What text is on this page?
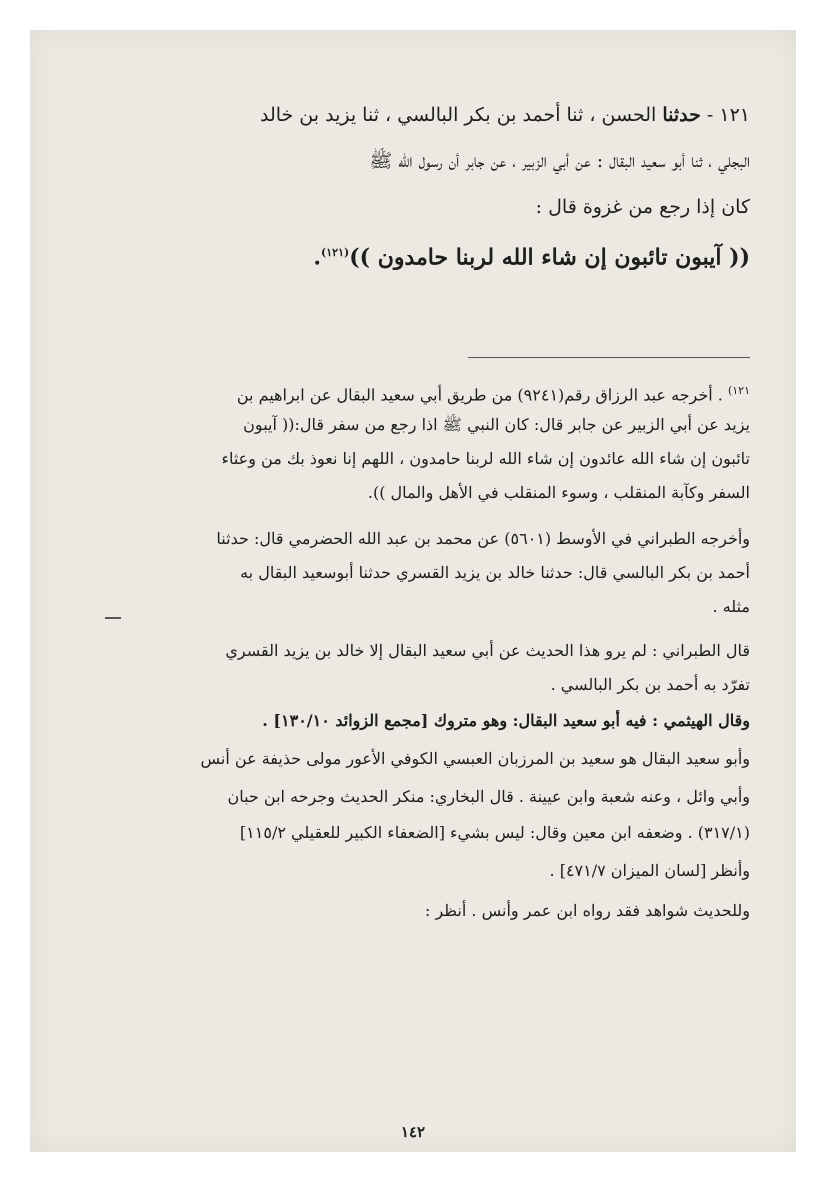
١٢١ - حدثنا الحسن ، ثنا أحمد بن بكر البالسي ، ثنا يزيد بن خالد
البجلي ، ثنا أبو سعيد البقال : عن أبي الزبير ، عن جابر أن رسول الله ﷺ
كان إذا رجع من غزوة قال :
(( آيبون تائبون إن شاء الله لربنا حامدون ))$^{(١٢١)}$.
$^{١٢١)}$ . أخرجه عبد الرزاق رقم(٩٢٤١) من طريق أبي سعيد البقال عن ابراهيم بن
يزيد عن أبي الزبير عن جابر قال: كان النبي ﷺ اذا رجع من سفر قال:(( آيبون
تائبون إن شاء الله عائدون إن شاء الله لربنا حامدون ، اللهم إنا نعوذ بك من وعثاء
السفر وكآبة المنقلب ، وسوء المنقلب في الأهل والمال )).
وأخرجه الطبراني في الأوسط (٥٦٠١) عن محمد بن عبد الله الحضرمي قال: حدثنا
أحمد بن بكر البالسي قال: حدثنا خالد بن يزيد القسري حدثنا أبوسعيد البقال به
مثله .
قال الطبراني : لم يرو هذا الحديث عن أبي سعيد البقال إلا خالد بن يزيد القسري
تفرّد به أحمد بن بكر البالسي .
وقال الهيثمي : فيه أبو سعيد البقال: وهو متروك [مجمع الزوائد ١٣٠/١٠] .
وأبو سعيد البقال هو سعيد بن المرزبان العبسي الكوفي الأعور مولى حذيفة عن أنس
وأبي وائل ، وعنه شعبة وابن عيينة . قال البخاري: منكر الحديث وجرحه ابن حبان
(٣١٧/١) . وضعفه ابن معين وقال: ليس بشيء [الضعفاء الكبير للعقيلي ١١٥/٢]
وأنظر [لسان الميزان ٤٧١/٧] .
وللحديث شواهد فقد رواه ابن عمر وأنس . أنظر :
١٤٢
